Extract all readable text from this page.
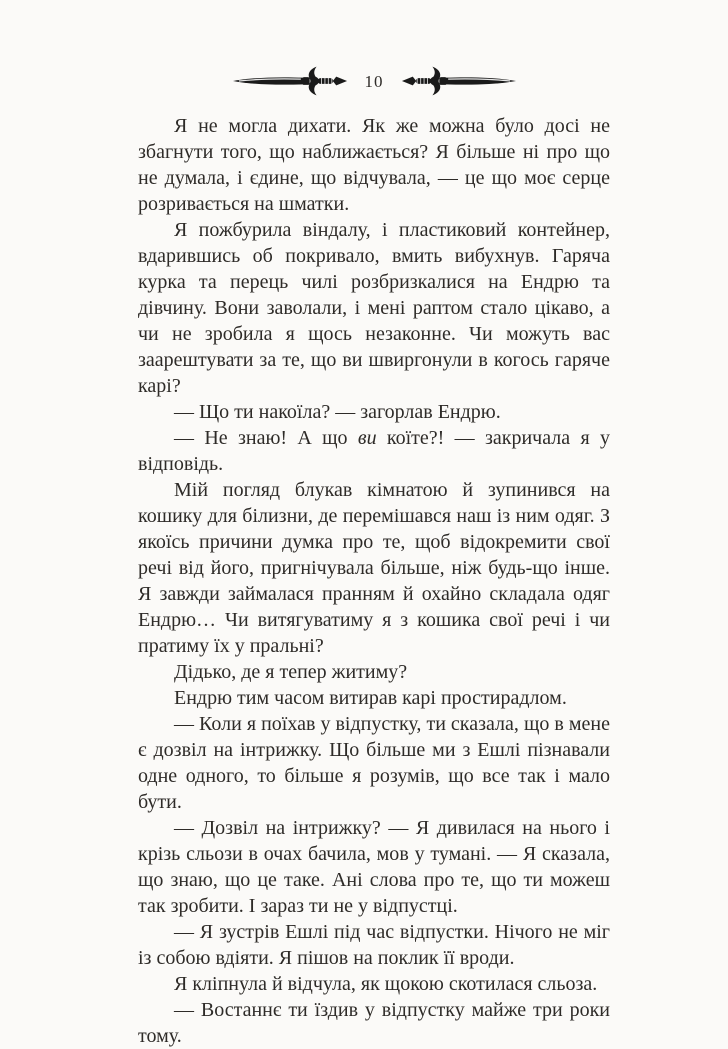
10

Я не могла дихати. Як же можна було досі не збагнути того, що наближається? Я більше ні про що не думала, і єдине, що відчувала, — це що моє серце розривається на шматки.

Я пожбурила віндалу, і пластиковий контейнер, вдарившись об покривало, вмить вибухнув. Гаряча курка та перець чилі розбризкалися на Ендрю та дівчину. Вони заволали, і мені раптом стало цікаво, а чи не зробила я щось незаконне. Чи можуть вас заарештувати за те, що ви швиргонули в когось гаряче карі?

— Що ти накоїла? — загорлав Ендрю.

— Не знаю! А що ви коїте?! — закричала я у відповідь.

Мій погляд блукав кімнатою й зупинився на кошику для білизни, де перемішався наш із ним одяг. З якоїсь причини думка про те, щоб відокремити свої речі від його, пригнічувала більше, ніж будь-що інше. Я завжди займалася пранням й охайно складала одяг Ендрю… Чи витягуватиму я з кошика свої речі і чи пратиму їх у пральні?

Дідько, де я тепер житиму?

Ендрю тим часом витирав карі простирадлом.

— Коли я поїхав у відпустку, ти сказала, що в мене є дозвіл на інтрижку. Що більше ми з Ешлі пізнавали одне одного, то більше я розумів, що все так і мало бути.

— Дозвіл на інтрижку? — Я дивилася на нього і крізь сльози в очах бачила, мов у тумані. — Я сказала, що знаю, що це таке. Ані слова про те, що ти можеш так зробити. І зараз ти не у відпустці.

— Я зустрів Ешлі під час відпустки. Нічого не міг із собою вдіяти. Я пішов на поклик її вроди.

Я кліпнула й відчула, як щокою скотилася сльоза.

— Востаннє ти їздив у відпустку майже три роки тому.
